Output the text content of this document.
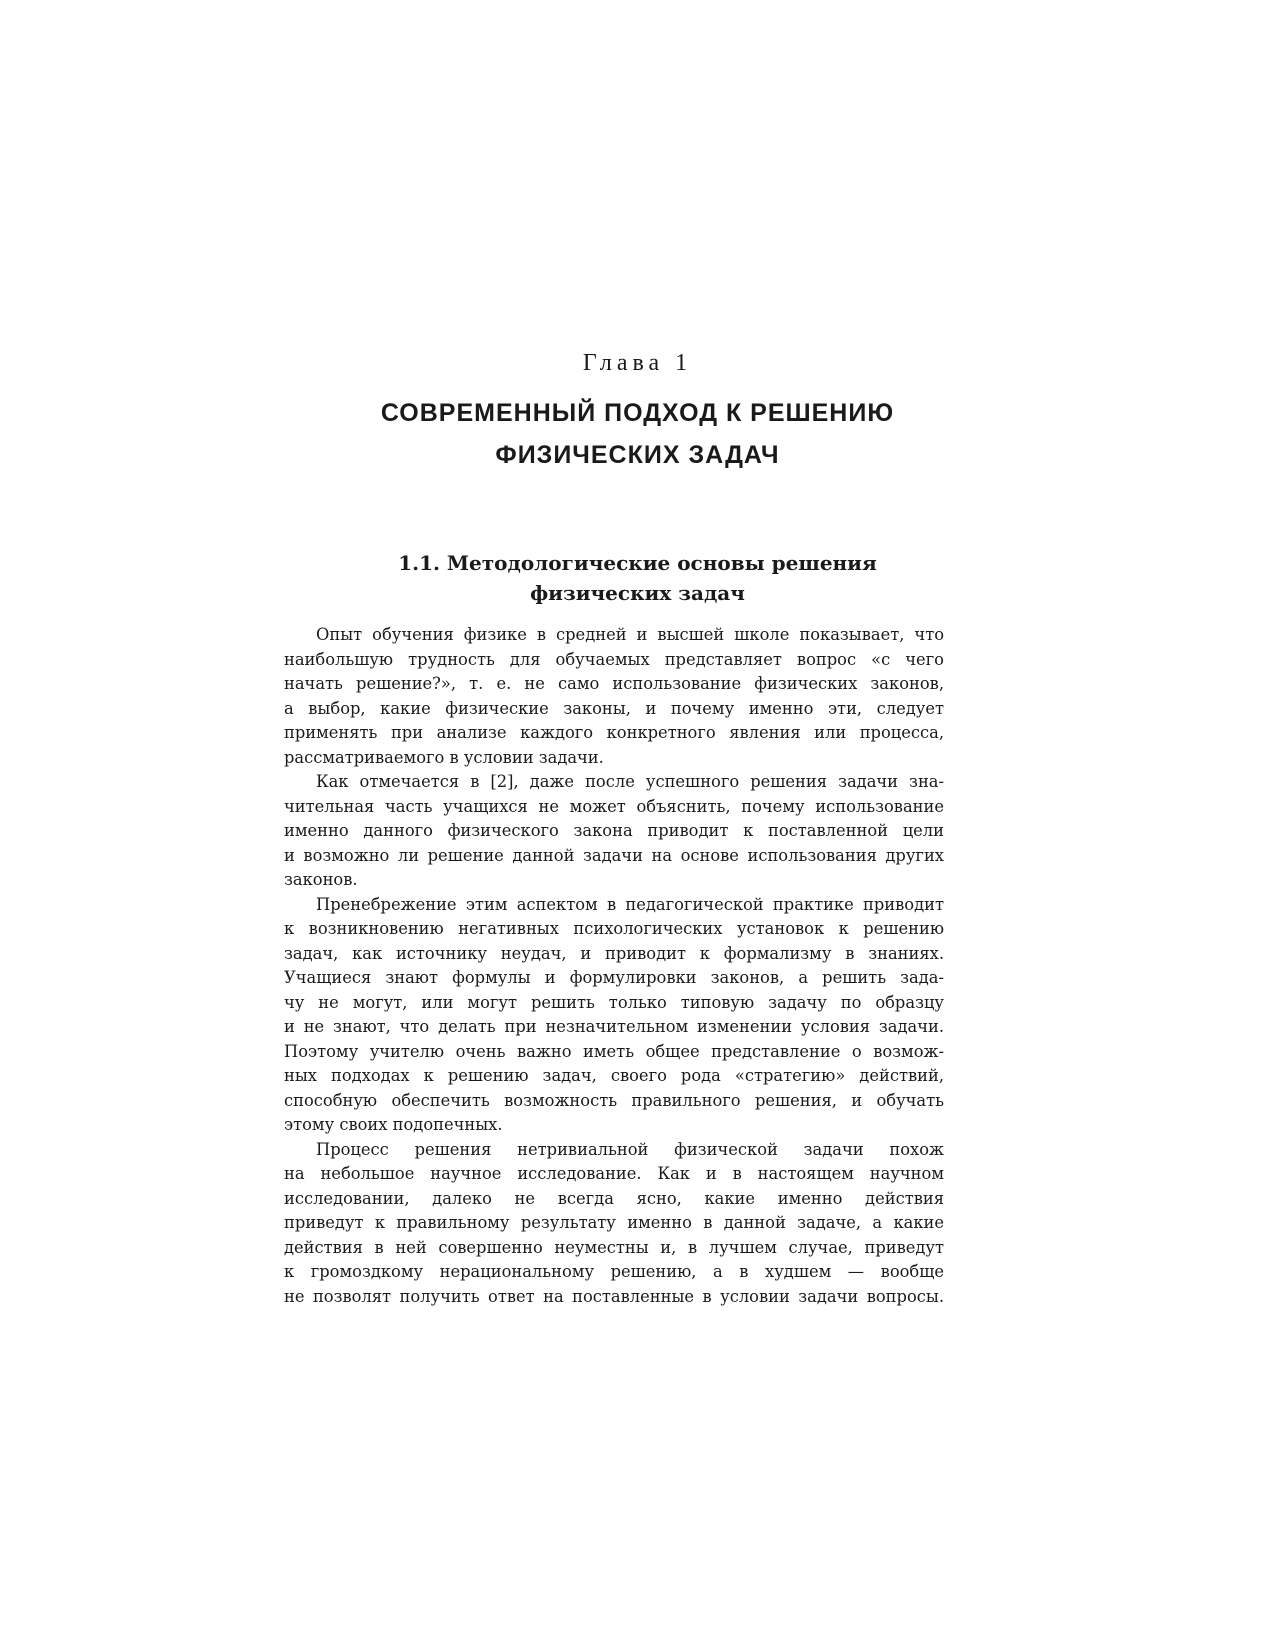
Глава 1
СОВРЕМЕННЫЙ ПОДХОД К РЕШЕНИЮ
ФИЗИЧЕСКИХ ЗАДАЧ
1.1. Методологические основы решения
физических задач
Опыт обучения физике в средней и высшей школе показывает, что
наибольшую трудность для обучаемых представляет вопрос «с чего
начать решение?», т. е. не само использование физических законов,
а выбор, какие физические законы, и почему именно эти, следует
применять при анализе каждого конкретного явления или процесса,
рассматриваемого в условии задачи.
Как отмечается в [2], даже после успешного решения задачи зна-
чительная часть учащихся не может объяснить, почему использование
именно данного физического закона приводит к поставленной цели
и возможно ли решение данной задачи на основе использования других
законов.
Пренебрежение этим аспектом в педагогической практике приводит
к возникновению негативных психологических установок к решению
задач, как источнику неудач, и приводит к формализму в знаниях.
Учащиеся знают формулы и формулировки законов, а решить зада-
чу не могут, или могут решить только типовую задачу по образцу
и не знают, что делать при незначительном изменении условия задачи.
Поэтому учителю очень важно иметь общее представление о возмож-
ных подходах к решению задач, своего рода «стратегию» действий,
способную обеспечить возможность правильного решения, и обучать
этому своих подопечных.
Процесс решения нетривиальной физической задачи похож
на небольшое научное исследование. Как и в настоящем научном
исследовании, далеко не всегда ясно, какие именно действия
приведут к правильному результату именно в данной задаче, а какие
действия в ней совершенно неуместны и, в лучшем случае, приведут
к громоздкому нерациональному решению, а в худшем — вообще
не позволят получить ответ на поставленные в условии задачи вопросы.
